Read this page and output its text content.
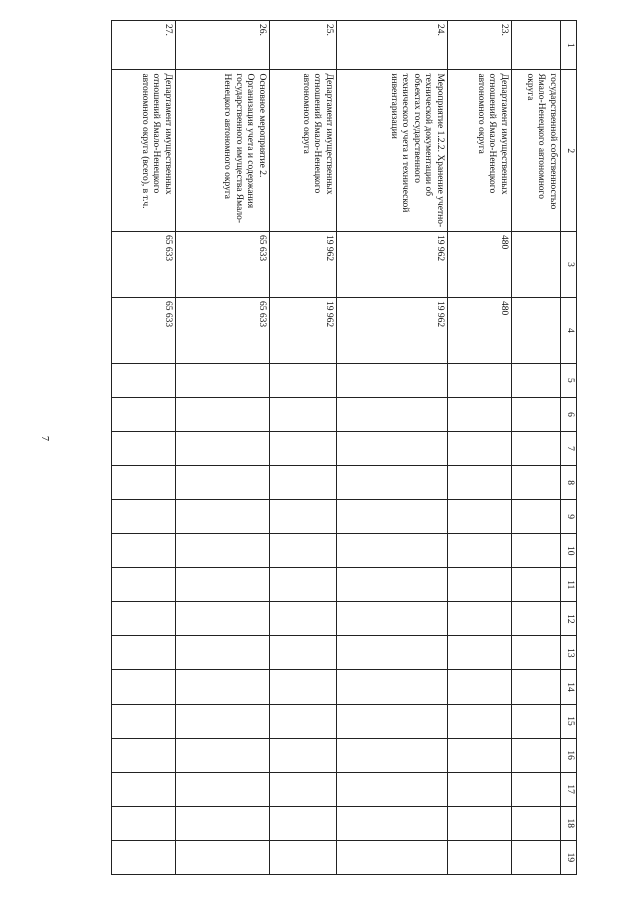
7
1	2	3	4	5	6	7	8	9	10	11	12	13	14	15	16	17	18	19
	государственной собственностью Ямало-Ненецкого автономного округа																	
23.	Департамент имущественных отношений Ямало-Ненецкого автономного округа	480	480															
24.	Мероприятие 1.2.2. Хранение учетно-технической документации об объектах государственного технического учета и технической инвентаризации	19 962	19 962															
25.	Департамент имущественных отношений Ямало-Ненецкого автономного округа	19 962	19 962															
26.	Основное мероприятие 2. Организация учета и содержания государственного имущества Ямало-Ненецкого автономного округа	65 633	65 633															
27.	Департамент имущественных отношений Ямало-Ненецкого автономного округа (всего), в т.ч.	65 633	65 633															
